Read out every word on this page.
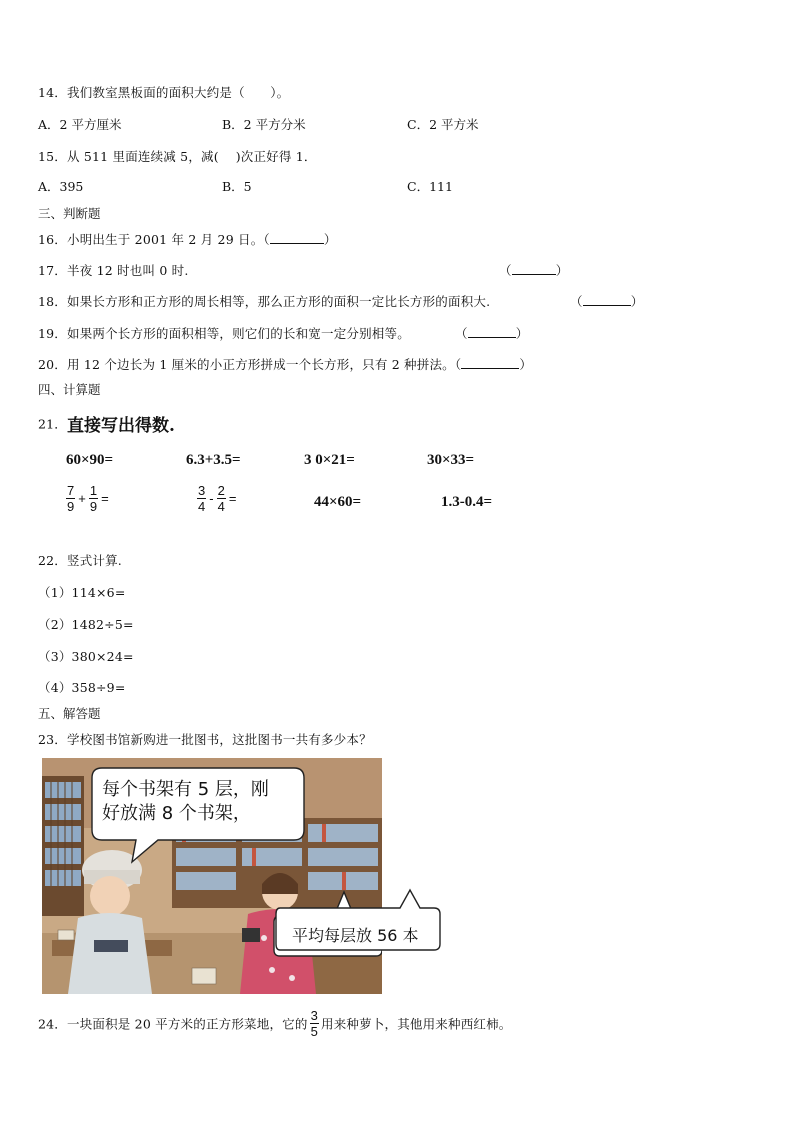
14．我们教室黑板面的面积大约是（　　）。
A．2 平方厘米	B．2 平方分米	C．2 平方米
15．从 511 里面连续减 5，减(　 )次正好得 1．
A．395	B．5	C．111
三、判断题
16．小明出生于 2001 年 2 月 29 日。（	）
17．半夜 12 时也叫 0 时.	（	）
18．如果长方形和正方形的周长相等，那么正方形的面积一定比长方形的面积大.	（	）
19．如果两个长方形的面积相等，则它们的长和宽一定分别相等。	（	）
20．用 12 个边长为 1 厘米的小正方形拼成一个长方形，只有 2 种拼法。（	）
四、计算题
21．直接写出得数.
60×90=	6.3+3.5=	3 0×21=	30×33=
$\frac{7}{9} + \frac{1}{9}$ =	$\frac{3}{4} - \frac{2}{4}$ =	44×60=	1.3-0.4=
22．竖式计算.
（1）114×6=
（2）1482÷5=
（3）380×24=
（4）358÷9=
五、解答题
23．学校图书馆新购进一批图书，这批图书一共有多少本？
每个书架有 5 层，刚
好放满 8 个书架，
平均每层放 56 本
24．一块面积是 20 平方米的正方形菜地，它的 $\frac{3}{5}$ 用来种萝卜，其他用来种西红柿。
